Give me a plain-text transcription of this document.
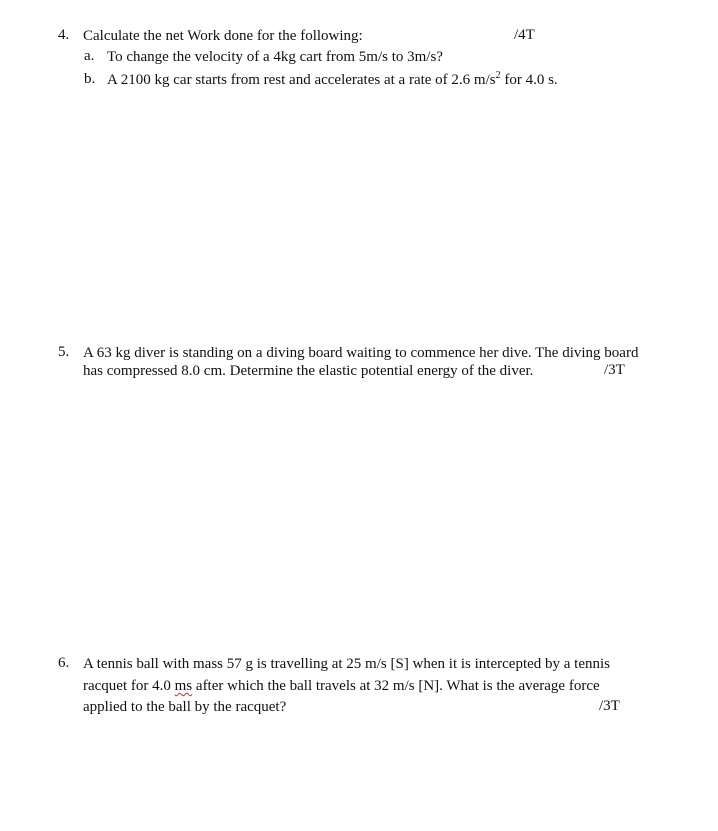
4. Calculate the net Work done for the following:	/4T
a. To change the velocity of a 4kg cart from 5m/s to 3m/s?
b. A 2100 kg car starts from rest and accelerates at a rate of 2.6 $m/s^2$ for 4.0 s.
5. A 63 kg diver is standing on a diving board waiting to commence her dive. The diving board
has compressed 8.0 cm. Determine the elastic potential energy of the diver.	/3T
6. A tennis ball with mass 57 g is travelling at 25 m/s [S] when it is intercepted by a tennis
racquet for 4.0 ms after which the ball travels at 32 m/s [N]. What is the average force
applied to the ball by the racquet?	/3T
